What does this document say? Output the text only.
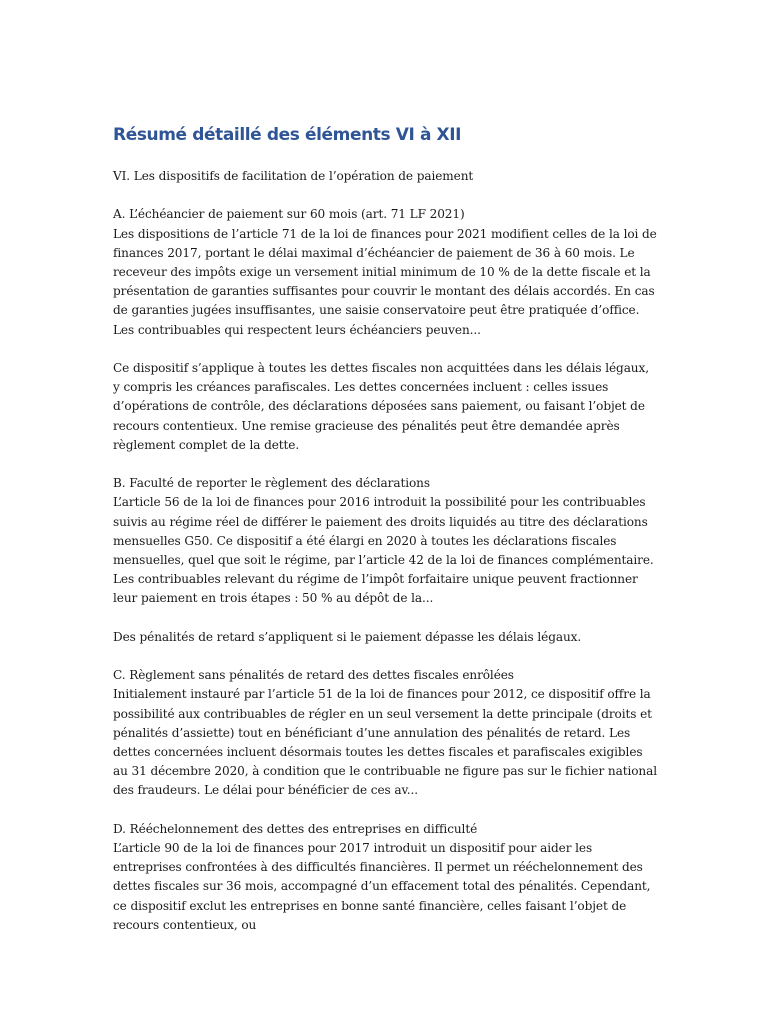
Résumé détaillé des éléments VI à XII

VI. Les dispositifs de facilitation de l’opération de paiement

A. L’échéancier de paiement sur 60 mois (art. 71 LF 2021)

Les dispositions de l’article 71 de la loi de finances pour 2021 modifient celles de la loi de finances 2017, portant le délai maximal d’échéancier de paiement de 36 à 60 mois. Le receveur des impôts exige un versement initial minimum de 10 % de la dette fiscale et la présentation de garanties suffisantes pour couvrir le montant des délais accordés. En cas de garanties jugées insuffisantes, une saisie conservatoire peut être pratiquée d’office. Les contribuables qui respectent leurs échéanciers peuven...

Ce dispositif s’applique à toutes les dettes fiscales non acquittées dans les délais légaux, y compris les créances parafiscales. Les dettes concernées incluent : celles issues d’opérations de contrôle, des déclarations déposées sans paiement, ou faisant l’objet de recours contentieux. Une remise gracieuse des pénalités peut être demandée après règlement complet de la dette.

B. Faculté de reporter le règlement des déclarations

L’article 56 de la loi de finances pour 2016 introduit la possibilité pour les contribuables suivis au régime réel de différer le paiement des droits liquidés au titre des déclarations mensuelles G50. Ce dispositif a été élargi en 2020 à toutes les déclarations fiscales mensuelles, quel que soit le régime, par l’article 42 de la loi de finances complémentaire. Les contribuables relevant du régime de l’impôt forfaitaire unique peuvent fractionner leur paiement en trois étapes : 50 % au dépôt de la...

Des pénalités de retard s’appliquent si le paiement dépasse les délais légaux.

C. Règlement sans pénalités de retard des dettes fiscales enrôlées

Initialement instauré par l’article 51 de la loi de finances pour 2012, ce dispositif offre la possibilité aux contribuables de régler en un seul versement la dette principale (droits et pénalités d’assiette) tout en bénéficiant d’une annulation des pénalités de retard. Les dettes concernées incluent désormais toutes les dettes fiscales et parafiscales exigibles au 31 décembre 2020, à condition que le contribuable ne figure pas sur le fichier national des fraudeurs. Le délai pour bénéficier de ces av...

D. Rééchelonnement des dettes des entreprises en difficulté

L’article 90 de la loi de finances pour 2017 introduit un dispositif pour aider les entreprises confrontées à des difficultés financières. Il permet un rééchelonnement des dettes fiscales sur 36 mois, accompagné d’un effacement total des pénalités. Cependant, ce dispositif exclut les entreprises en bonne santé financière, celles faisant l’objet de recours contentieux, ou
